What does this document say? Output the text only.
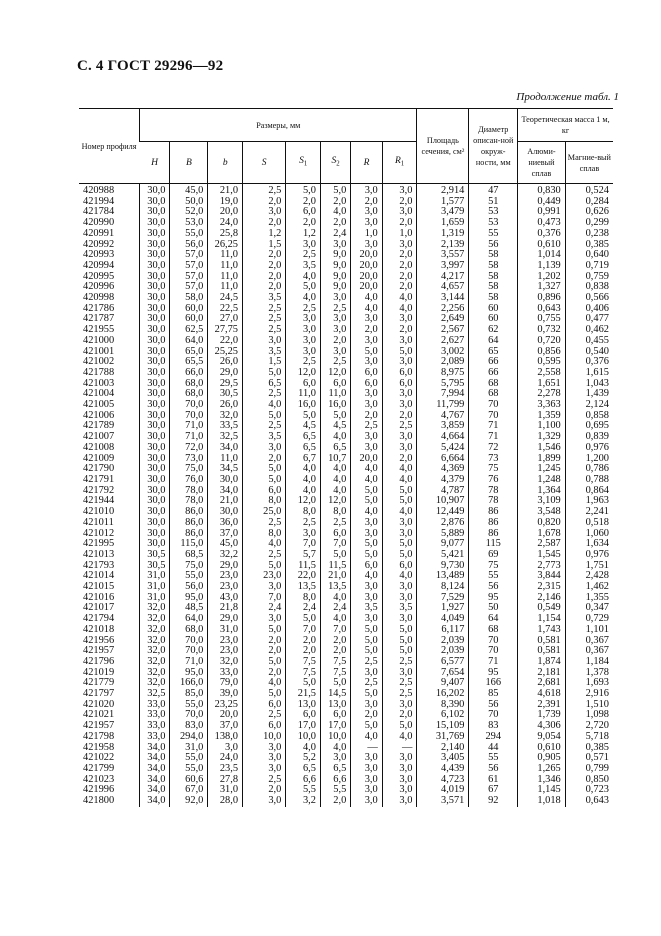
С. 4 ГОСТ 29296—92
Продолжение табл. 1
Номер профиля	Размеры, мм								Площадь сечения, см²	Диаметр описан-ной окруж-ности, мм	Теоретическая масса 1 м, кг	
	H	B	b	S	$S_1$	$S_2$	R	$R_1$			Алюми-ниевый сплав	Магние-вый сплав
420988	30,0	45,0	21,0	2,5	5,0	5,0	3,0	3,0	2,914	47	0,830	0,524
421994	30,0	50,0	19,0	2,0	2,0	2,0	2,0	2,0	1,577	51	0,449	0,284
421784	30,0	52,0	20,0	3,0	6,0	4,0	3,0	3,0	3,479	53	0,991	0,626
420990	30,0	53,0	24,0	2,0	2,0	2,0	3,0	2,0	1,659	53	0,473	0,299
420991	30,0	55,0	25,8	1,2	1,2	2,4	1,0	1,0	1,319	55	0,376	0,238
420992	30,0	56,0	26,25	1,5	3,0	3,0	3,0	3,0	2,139	56	0,610	0,385
420993	30,0	57,0	11,0	2,0	2,5	9,0	20,0	2,0	3,557	58	1,014	0,640
420994	30,0	57,0	11,0	2,0	3,5	9,0	20,0	2,0	3,997	58	1,139	0,719
420995	30,0	57,0	11,0	2,0	4,0	9,0	20,0	2,0	4,217	58	1,202	0,759
420996	30,0	57,0	11,0	2,0	5,0	9,0	20,0	2,0	4,657	58	1,327	0,838
420998	30,0	58,0	24,5	3,5	4,0	3,0	4,0	4,0	3,144	58	0,896	0,566
421786	30,0	60,0	22,5	2,5	2,5	2,5	4,0	4,0	2,256	60	0,643	0,406
421787	30,0	60,0	27,0	2,5	3,0	3,0	3,0	3,0	2,649	60	0,755	0,477
421955	30,0	62,5	27,75	2,5	3,0	3,0	2,0	2,0	2,567	62	0,732	0,462
421000	30,0	64,0	22,0	3,0	3,0	2,0	3,0	3,0	2,627	64	0,720	0,455
421001	30,0	65,0	25,25	3,5	3,0	3,0	5,0	5,0	3,002	65	0,856	0,540
421002	30,0	65,5	26,0	1,5	2,5	2,5	3,0	3,0	2,089	66	0,595	0,376
421788	30,0	66,0	29,0	5,0	12,0	12,0	6,0	6,0	8,975	66	2,558	1,615
421003	30,0	68,0	29,5	6,5	6,0	6,0	6,0	6,0	5,795	68	1,651	1,043
421004	30,0	68,0	30,5	2,5	11,0	11,0	3,0	3,0	7,994	68	2,278	1,439
421005	30,0	70,0	26,0	4,0	16,0	16,0	3,0	3,0	11,799	70	3,363	2,124
421006	30,0	70,0	32,0	5,0	5,0	5,0	2,0	2,0	4,767	70	1,359	0,858
421789	30,0	71,0	33,5	2,5	4,5	4,5	2,5	2,5	3,859	71	1,100	0,695
421007	30,0	71,0	32,5	3,5	6,5	4,0	3,0	3,0	4,664	71	1,329	0,839
421008	30,0	72,0	34,0	3,0	6,5	6,5	3,0	3,0	5,424	72	1,546	0,976
421009	30,0	73,0	11,0	2,0	6,7	10,7	20,0	2,0	6,664	73	1,899	1,200
421790	30,0	75,0	34,5	5,0	4,0	4,0	4,0	4,0	4,369	75	1,245	0,786
421791	30,0	76,0	30,0	5,0	4,0	4,0	4,0	4,0	4,379	76	1,248	0,788
421792	30,0	78,0	34,0	6,0	4,0	4,0	5,0	5,0	4,787	78	1,364	0,864
421944	30,0	78,0	21,0	8,0	12,0	12,0	5,0	5,0	10,907	78	3,109	1,963
421010	30,0	86,0	30,0	25,0	8,0	8,0	4,0	4,0	12,449	86	3,548	2,241
421011	30,0	86,0	36,0	2,5	2,5	2,5	3,0	3,0	2,876	86	0,820	0,518
421012	30,0	86,0	37,0	8,0	3,0	6,0	3,0	3,0	5,889	86	1,678	1,060
421995	30,0	115,0	45,0	4,0	7,0	7,0	5,0	5,0	9,077	115	2,587	1,634
421013	30,5	68,5	32,2	2,5	5,7	5,0	5,0	5,0	5,421	69	1,545	0,976
421793	30,5	75,0	29,0	5,0	11,5	11,5	6,0	6,0	9,730	75	2,773	1,751
421014	31,0	55,0	23,0	23,0	22,0	21,0	4,0	4,0	13,489	55	3,844	2,428
421015	31,0	56,0	23,0	3,0	13,5	13,5	3,0	3,0	8,124	56	2,315	1,462
421016	31,0	95,0	43,0	7,0	8,0	4,0	3,0	3,0	7,529	95	2,146	1,355
421017	32,0	48,5	21,8	2,4	2,4	2,4	3,5	3,5	1,927	50	0,549	0,347
421794	32,0	64,0	29,0	3,0	5,0	4,0	3,0	3,0	4,049	64	1,154	0,729
421018	32,0	68,0	31,0	5,0	7,0	7,0	5,0	5,0	6,117	68	1,743	1,101
421956	32,0	70,0	23,0	2,0	2,0	2,0	5,0	5,0	2,039	70	0,581	0,367
421957	32,0	70,0	23,0	2,0	2,0	2,0	5,0	5,0	2,039	70	0,581	0,367
421796	32,0	71,0	32,0	5,0	7,5	7,5	2,5	2,5	6,577	71	1,874	1,184
421019	32,0	95,0	33,0	2,0	7,5	7,5	3,0	3,0	7,654	95	2,181	1,378
421779	32,0	166,0	79,0	4,0	5,0	5,0	2,5	2,5	9,407	166	2,681	1,693
421797	32,5	85,0	39,0	5,0	21,5	14,5	5,0	2,5	16,202	85	4,618	2,916
421020	33,0	55,0	23,25	6,0	13,0	13,0	3,0	3,0	8,390	56	2,391	1,510
421021	33,0	70,0	20,0	2,5	6,0	6,0	2,0	2,0	6,102	70	1,739	1,098
421957	33,0	83,0	37,0	6,0	17,0	17,0	5,0	5,0	15,109	83	4,306	2,720
421798	33,0	294,0	138,0	10,0	10,0	10,0	4,0	4,0	31,769	294	9,054	5,718
421958	34,0	31,0	3,0	3,0	4,0	4,0	—	—	2,140	44	0,610	0,385
421022	34,0	55,0	24,0	3,0	5,2	3,0	3,0	3,0	3,405	55	0,905	0,571
421799	34,0	55,0	23,5	3,0	6,5	6,5	3,0	3,0	4,439	56	1,265	0,799
421023	34,0	60,6	27,8	2,5	6,6	6,6	3,0	3,0	4,723	61	1,346	0,850
421996	34,0	67,0	31,0	2,0	5,5	5,5	3,0	3,0	4,019	67	1,145	0,723
421800	34,0	92,0	28,0	3,0	3,2	2,0	3,0	3,0	3,571	92	1,018	0,643
